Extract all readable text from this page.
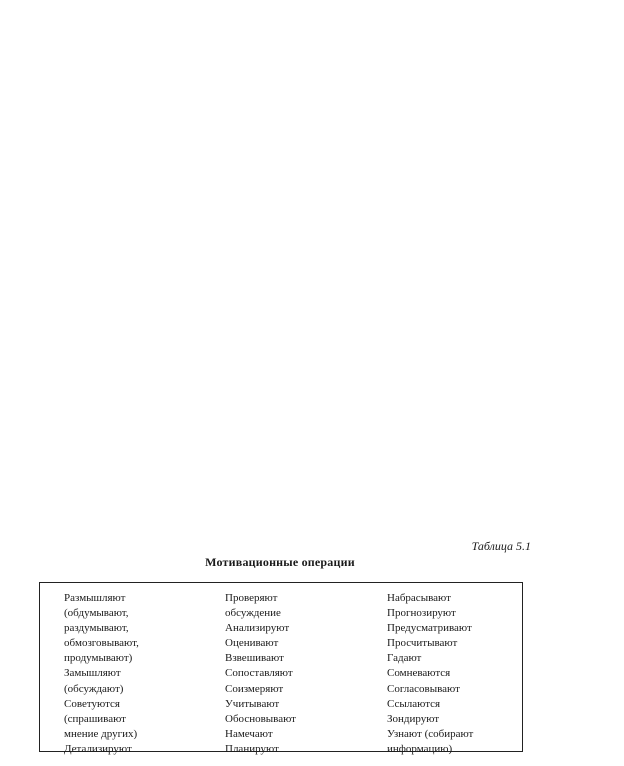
Таблица 5.1
Мотивационные операции
Размышляют
(обдумывают,
раздумывают,
обмозговывают,
продумывают)
Замышляют
(обсуждают)
Советуются
(спрашивают
мнение других)
Детализируют
Проверяют
обсуждение
Анализируют
Оценивают
Взвешивают
Сопоставляют
Соизмеряют
Учитывают
Обосновывают
Намечают
Планируют
Набрасывают
Прогнозируют
Предусматривают
Просчитывают
Гадают
Сомневаются
Согласовывают
Ссылаются
Зондируют
Узнают (собирают
информацию)
